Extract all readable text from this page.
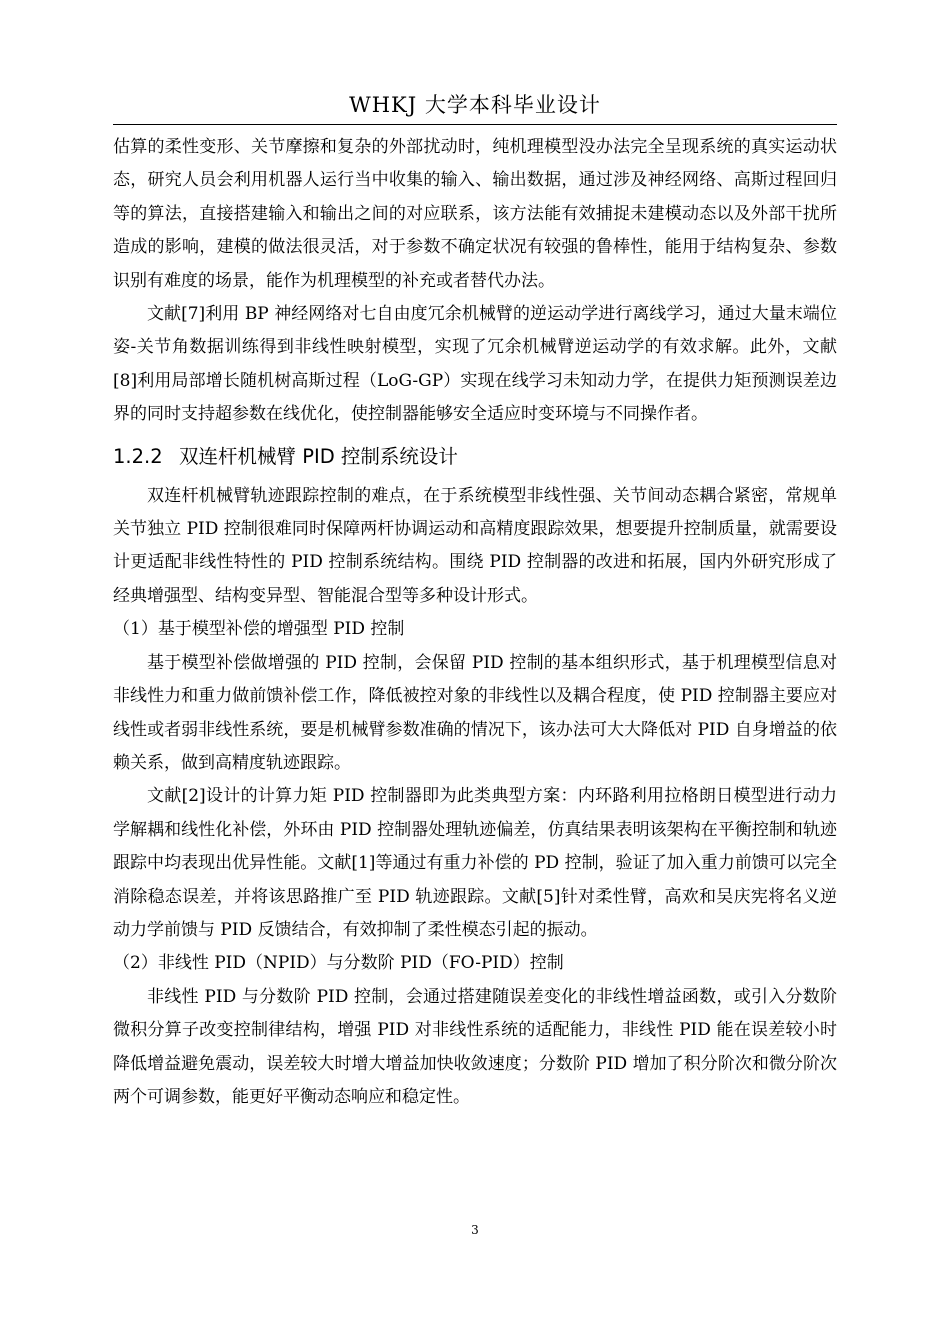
WHKJ 大学本科毕业设计

估算的柔性变形、关节摩擦和复杂的外部扰动时，纯机理模型没办法完全呈现系统的真实运动状态，研究人员会利用机器人运行当中收集的输入、输出数据，通过涉及神经网络、高斯过程回归等的算法，直接搭建输入和输出之间的对应联系，该方法能有效捕捉未建模动态以及外部干扰所造成的影响，建模的做法很灵活，对于参数不确定状况有较强的鲁棒性，能用于结构复杂、参数识别有难度的场景，能作为机理模型的补充或者替代办法。

文献[7]利用 BP 神经网络对七自由度冗余机械臂的逆运动学进行离线学习，通过大量末端位姿-关节角数据训练得到非线性映射模型，实现了冗余机械臂逆运动学的有效求解。此外，文献[8]利用局部增长随机树高斯过程（LoG-GP）实现在线学习未知动力学，在提供力矩预测误差边界的同时支持超参数在线优化，使控制器能够安全适应时变环境与不同操作者。

1.2.2 双连杆机械臂 PID 控制系统设计

双连杆机械臂轨迹跟踪控制的难点，在于系统模型非线性强、关节间动态耦合紧密，常规单关节独立 PID 控制很难同时保障两杆协调运动和高精度跟踪效果，想要提升控制质量，就需要设计更适配非线性特性的 PID 控制系统结构。围绕 PID 控制器的改进和拓展，国内外研究形成了经典增强型、结构变异型、智能混合型等多种设计形式。

（1）基于模型补偿的增强型 PID 控制

基于模型补偿做增强的 PID 控制，会保留 PID 控制的基本组织形式，基于机理模型信息对非线性力和重力做前馈补偿工作，降低被控对象的非线性以及耦合程度，使 PID 控制器主要应对线性或者弱非线性系统，要是机械臂参数准确的情况下，该办法可大大降低对 PID 自身增益的依赖关系，做到高精度轨迹跟踪。

文献[2]设计的计算力矩 PID 控制器即为此类典型方案：内环路利用拉格朗日模型进行动力学解耦和线性化补偿，外环由 PID 控制器处理轨迹偏差，仿真结果表明该架构在平衡控制和轨迹跟踪中均表现出优异性能。文献[1]等通过有重力补偿的 PD 控制，验证了加入重力前馈可以完全消除稳态误差，并将该思路推广至 PID 轨迹跟踪。文献[5]针对柔性臂，高欢和吴庆宪将名义逆动力学前馈与 PID 反馈结合，有效抑制了柔性模态引起的振动。

（2）非线性 PID（NPID）与分数阶 PID（FO-PID）控制

非线性 PID 与分数阶 PID 控制，会通过搭建随误差变化的非线性增益函数，或引入分数阶微积分算子改变控制律结构，增强 PID 对非线性系统的适配能力，非线性 PID 能在误差较小时降低增益避免震动，误差较大时增大增益加快收敛速度；分数阶 PID 增加了积分阶次和微分阶次两个可调参数，能更好平衡动态响应和稳定性。

3
